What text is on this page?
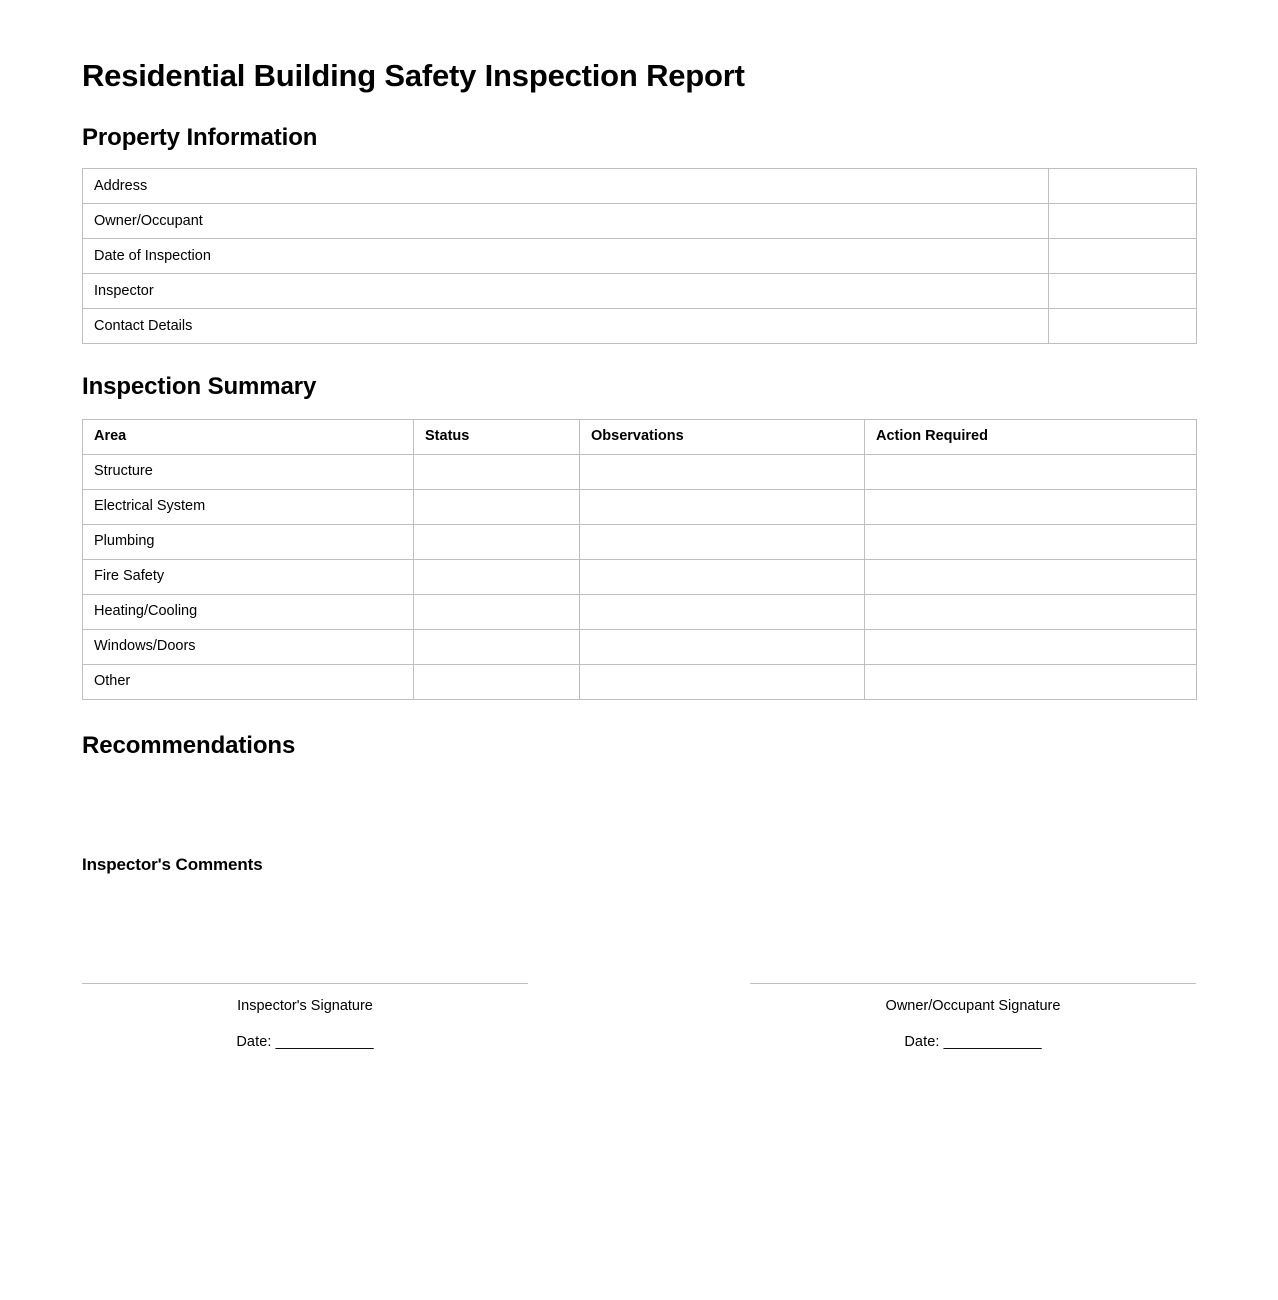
Residential Building Safety Inspection Report
Property Information
Address	
Owner/Occupant	
Date of Inspection	
Inspector	
Contact Details	
Inspection Summary
Area	Status	Observations	Action Required
Structure			
Electrical System			
Plumbing			
Fire Safety			
Heating/Cooling			
Windows/Doors			
Other			
Recommendations
Inspector's Comments
Inspector's Signature
Date: ____________
Owner/Occupant Signature
Date: ____________
